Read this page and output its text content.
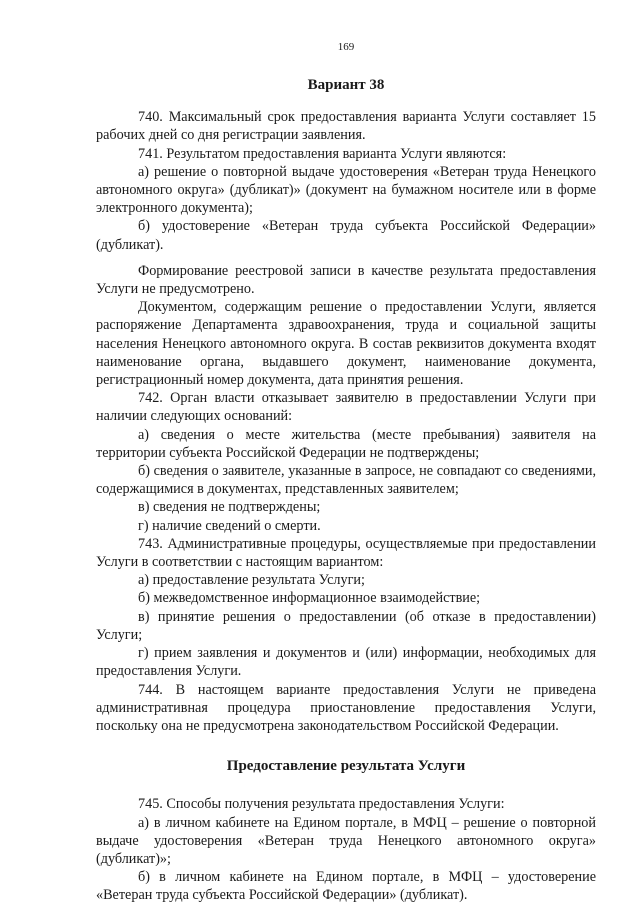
169
Вариант 38

740. Максимальный срок предоставления варианта Услуги составляет 15 рабочих дней со дня регистрации заявления.

741. Результатом предоставления варианта Услуги являются:

а) решение о повторной выдаче удостоверения «Ветеран труда Ненецкого автономного округа» (дубликат)» (документ на бумажном носителе или в форме электронного документа);

б) удостоверение «Ветеран труда субъекта Российской Федерации» (дубликат).

Формирование реестровой записи в качестве результата предоставления Услуги не предусмотрено.

Документом, содержащим решение о предоставлении Услуги, является распоряжение Департамента здравоохранения, труда и социальной защиты населения Ненецкого автономного округа. В состав реквизитов документа входят наименование органа, выдавшего документ, наименование документа, регистрационный номер документа, дата принятия решения.

742. Орган власти отказывает заявителю в предоставлении Услуги при наличии следующих оснований:

а) сведения о месте жительства (месте пребывания) заявителя на территории субъекта Российской Федерации не подтверждены;

б) сведения о заявителе, указанные в запросе, не совпадают со сведениями, содержащимися в документах, представленных заявителем;

в) сведения не подтверждены;

г) наличие сведений о смерти.

743. Административные процедуры, осуществляемые при предоставлении Услуги в соответствии с настоящим вариантом:

а) предоставление результата Услуги;

б) межведомственное информационное взаимодействие;

в) принятие решения о предоставлении (об отказе в предоставлении) Услуги;

г) прием заявления и документов и (или) информации, необходимых для предоставления Услуги.

744. В настоящем варианте предоставления Услуги не приведена административная процедура приостановление предоставления Услуги, поскольку она не предусмотрена законодательством Российской Федерации.

Предоставление результата Услуги

745. Способы получения результата предоставления Услуги:

а) в личном кабинете на Едином портале, в МФЦ – решение о повторной выдаче удостоверения «Ветеран труда Ненецкого автономного округа» (дубликат)»;

б) в личном кабинете на Едином портале, в МФЦ – удостоверение «Ветеран труда субъекта Российской Федерации» (дубликат).
